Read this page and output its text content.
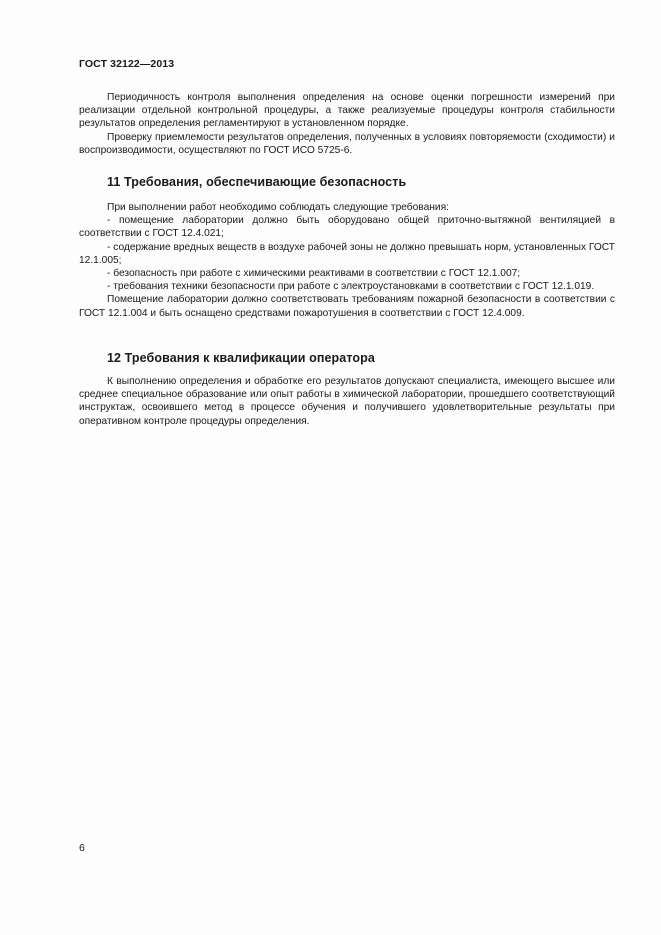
ГОСТ 32122—2013

Периодичность контроля выполнения определения на основе оценки погрешности измерений при реализации отдельной контрольной процедуры, а также реализуемые процедуры контроля стабильности результатов определения регламентируют в установленном порядке.

Проверку приемлемости результатов определения, полученных в условиях повторяемости (сходимости) и воспроизводимости, осуществляют по ГОСТ ИСО 5725-6.

11 Требования, обеспечивающие безопасность

При выполнении работ необходимо соблюдать следующие требования:

- помещение лаборатории должно быть оборудовано общей приточно-вытяжной вентиляцией в соответствии с ГОСТ 12.4.021;

- содержание вредных веществ в воздухе рабочей зоны не должно превышать норм, установленных ГОСТ 12.1.005;

- безопасность при работе с химическими реактивами в соответствии с ГОСТ 12.1.007;

- требования техники безопасности при работе с электроустановками в соответствии с ГОСТ 12.1.019.

Помещение лаборатории должно соответствовать требованиям пожарной безопасности в соответствии с ГОСТ 12.1.004 и быть оснащено средствами пожаротушения в соответствии с ГОСТ 12.4.009.

12 Требования к квалификации оператора

К выполнению определения и обработке его результатов допускают специалиста, имеющего высшее или среднее специальное образование или опыт работы в химической лаборатории, прошедшего соответствующий инструктаж, освоившего метод в процессе обучения и получившего удовлетворительные результаты при оперативном контроле процедуры определения.

6
